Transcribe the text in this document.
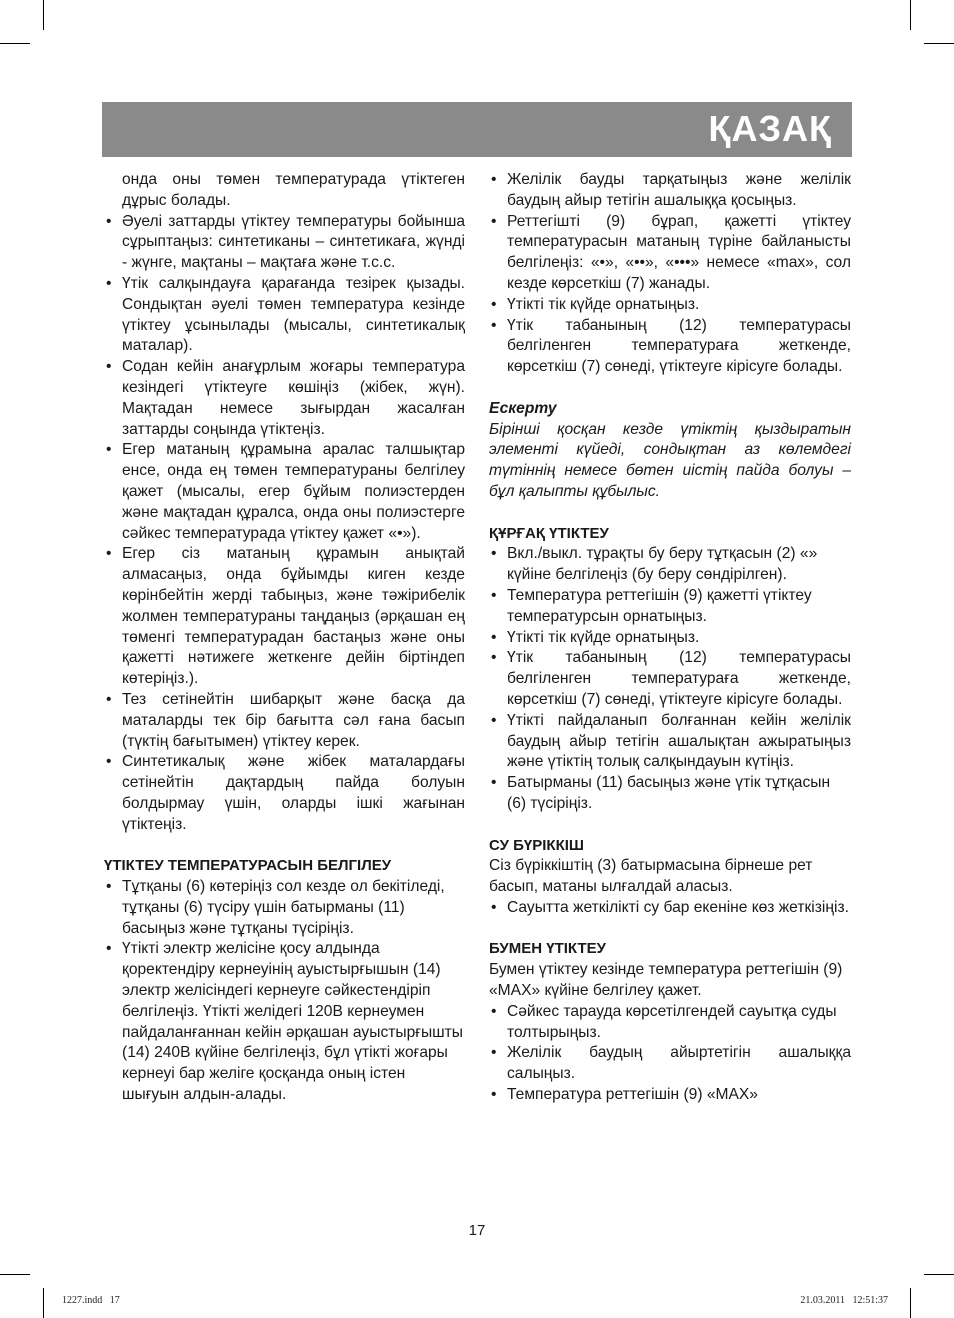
ҚАЗАҚ

онда оны төмен температурада үтіктеген дұрыс болады.

• Әуелі заттарды үтіктеу температуры бойынша сұрыптаңыз: синтетиканы – синтетикаға, жүнді - жүнге, мақтаны – мақтаға және т.с.с.
• Үтік салқындауға қарағанда тезірек қызады. Сондықтан әуелі төмен температура кезінде үтіктеу ұсынылады (мысалы, синтетикалық маталар).
• Содан кейін анағұрлым жоғары температура кезіндегі үтіктеуге көшіңіз (жібек, жүн). Мақтадан немесе зығырдан жасалған заттарды соңында үтіктеңіз.
• Егер матаның құрамына аралас талшықтар енсе, онда ең төмен температураны белгілеу қажет (мысалы, егер бұйым полиэстерден және мақтадан құралса, онда оны полиэстерге сәйкес температурада үтіктеу қажет «•»).
• Егер сіз матаның құрамын анықтай алмасаңыз, онда бұйымды киген кезде көрінбейтін жерді табыңыз, және тәжірибелік жолмен температураны таңдаңыз (әрқашан ең төменгі температурадан бастаңыз және оны қажетті нәтижеге жеткенге дейін біртіндеп көтеріңіз.).
• Тез сетінейтін шибарқыт және басқа да маталарды тек бір бағытта сәл ғана басып (түктің бағытымен) үтіктеу керек.
• Синтетикалық және жібек маталардағы сетінейтін дақтардың пайда болуын болдырмау үшін, оларды ішкі жағынан үтіктеңіз.
ҮТІКТЕУ ТЕМПЕРАТУРАСЫН БЕЛГІЛЕУ
• Тұтқаны (6) көтеріңіз сол кезде ол бекітіледі, тұтқаны (6) түсіру үшін батырманы (11) басыңыз және тұтқаны түсіріңіз.
• Үтікті электр желісіне қосу алдында қоректендіру кернеуінің ауыстырғышын (14) электр желісіндегі кернеуге сәйкестендіріп белгілеңіз. Үтікті желідегі 120В кернеумен пайдаланғаннан кейін әрқашан ауыстырғышты (14) 240В күйіне белгілеңіз, бұл үтікті жоғары кернеуі бар желіге қосқанда оның істен шығуын алдын-алады.
• Желілік бауды тарқатыңыз және желілік баудың айыр тетігін ашалыққа қосыңыз.
• Реттегішті (9) бұрап, қажетті үтіктеу температурасын матаның түріне байланысты белгілеңіз: «•», «••», «•••» немесе «max», сол кезде көрсеткіш (7) жанады.
• Үтікті тік күйде орнатыңыз.
• Үтік табанының (12) температурасы белгіленген температураға жеткенде, көрсеткіш (7) сөнеді, үтіктеуге кірісуге болады.

Ескерту

Бірінші қосқан кезде үтіктің қыздыратын элементі күйеді, сондықтан аз көлемдегі түтіннің немесе бөтен иістің пайда болуы – бұл қалыпты құбылыс.

ҚҰРҒАҚ ҮТІКТЕУ
• Вкл./выкл. тұрақты бу беру тұтқасын (2) «» күйіне белгілеңіз (бу беру сөндірілген).
• Температура реттегішін (9) қажетті үтіктеу температурсын орнатыңыз.
• Үтікті тік күйде орнатыңыз.
• Үтік табанының (12) температурасы белгіленген температураға жеткенде, көрсеткіш (7) сөнеді, үтіктеуге кірісуге болады.
• Үтікті пайдаланып болғаннан кейін желілік баудың айыр тетігін ашалықтан ажыратыңыз және үтіктің толық салқындауын күтіңіз.
• Батырманы (11) басыңыз және үтік тұтқасын (6) түсіріңіз.
СУ БҮРІККІШ

Сіз бүріккіштің (3) батырмасына бірнеше рет басып, матаны ылғалдай аласыз.

• Сауытта жеткілікті су бар екеніне көз жеткізіңіз.
БУМЕН ҮТІКТЕУ

Бумен үтіктеу кезінде температура реттегішін (9) «MAX» күйіне белгілеу қажет.

• Сәйкес тарауда көрсетілгендей сауытқа суды толтырыңыз.
• Желілік баудың айыртетігін ашалыққа салыңыз.
• Температура реттегішін (9) «MAX»
17
1227.indd   17	21.03.2011   12:51:37
